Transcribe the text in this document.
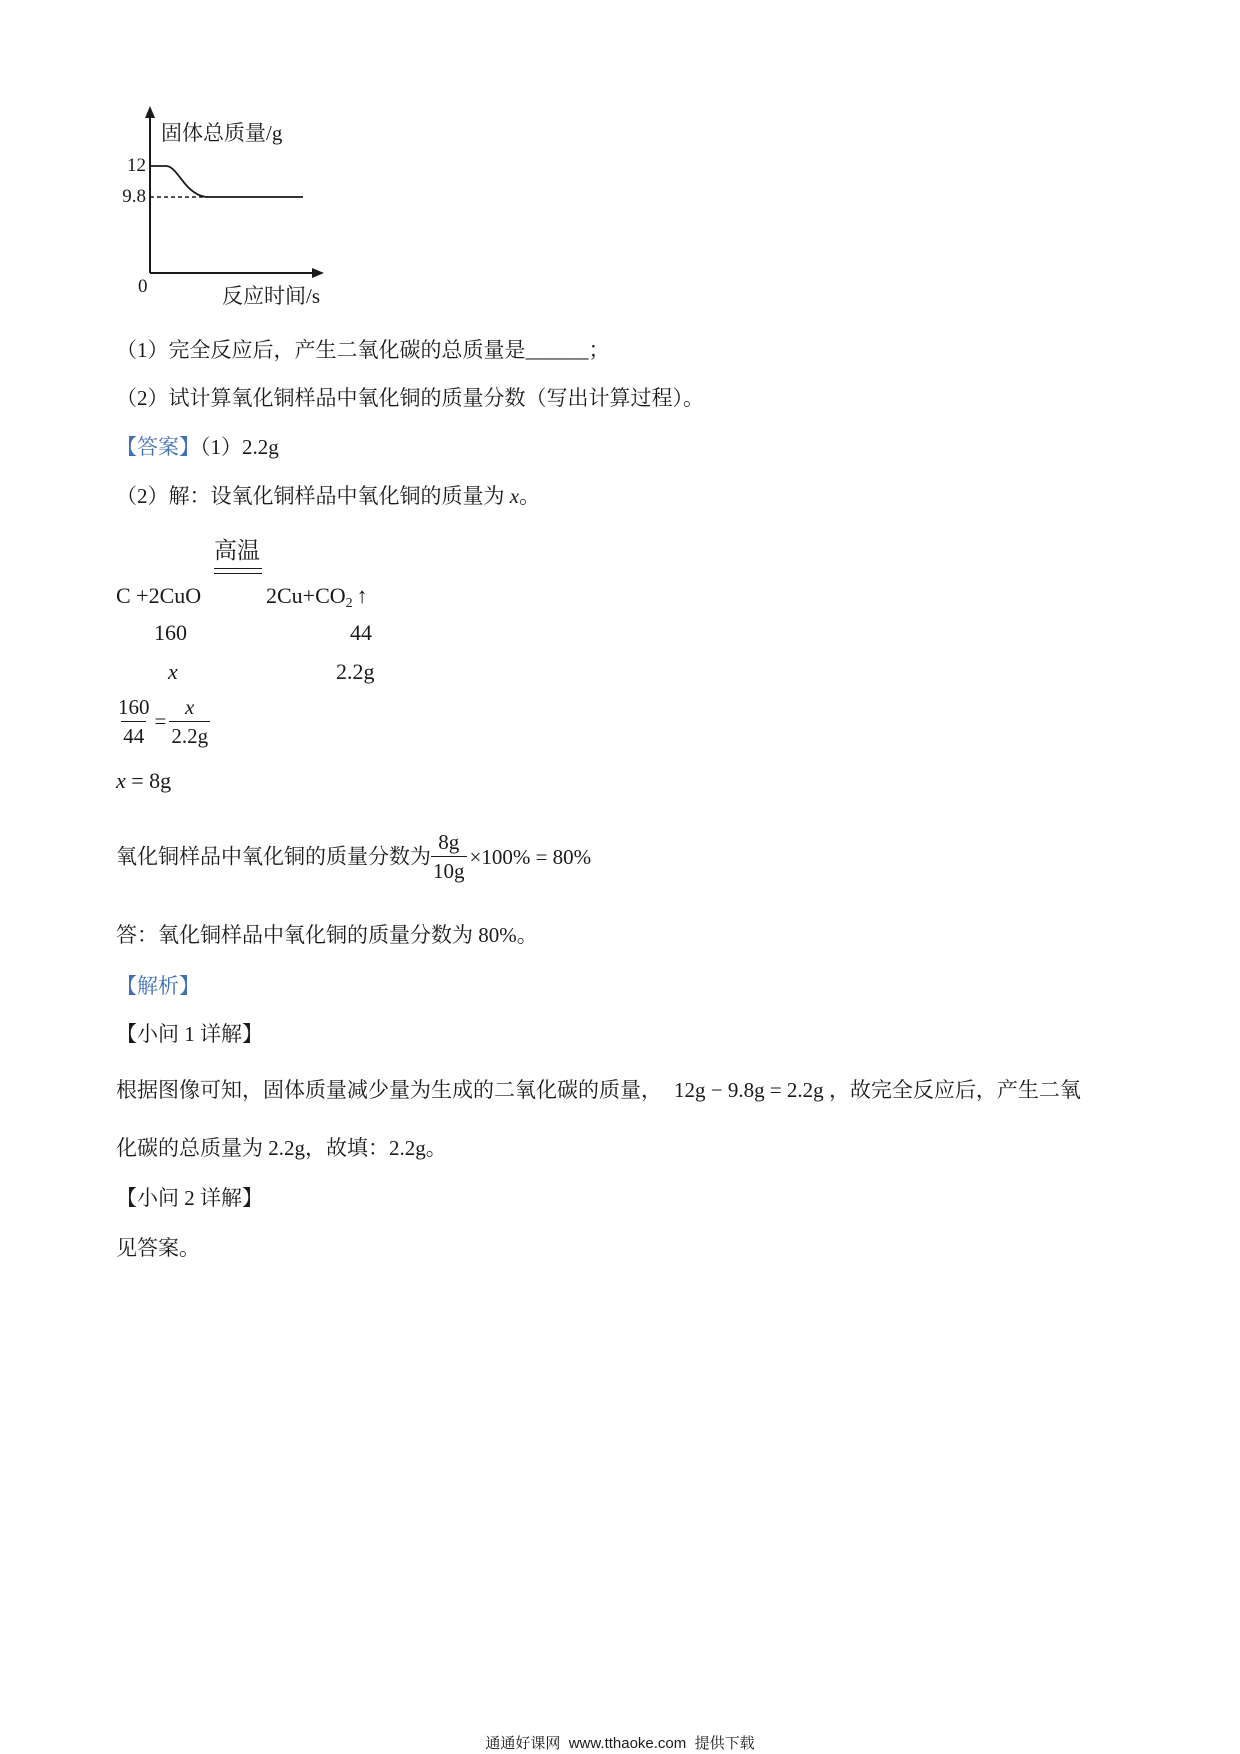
固体总质量/g
12
9.8
0	反应时间/s
（1）完全反应后，产生二氧化碳的总质量是______；
（2）试计算氧化铜样品中氧化铜的质量分数（写出计算过程）。
【答案】（1）2.2g
（2）解：设氧化铜样品中氧化铜的质量为 x。
高温
C +2CuO	$2Cu+CO_2$ ↑
160	44
x	2.2g
$\frac{160}{44} = \frac{x}{2.2g}$
x = 8g
氧化铜样品中氧化铜的质量分数为 $\frac{8g}{10g} \times 100\% = 80\%$
答：氧化铜样品中氧化铜的质量分数为 80%。
【解析】
【小问 1 详解】
根据图像可知，固体质量减少量为生成的二氧化碳的质量， 12g − 9.8g = 2.2g ，故完全反应后，产生二氧
化碳的总质量为 2.2g，故填：2.2g。
【小问 2 详解】
见答案。
通通好课网  www.tthaoke.com  提供下载
